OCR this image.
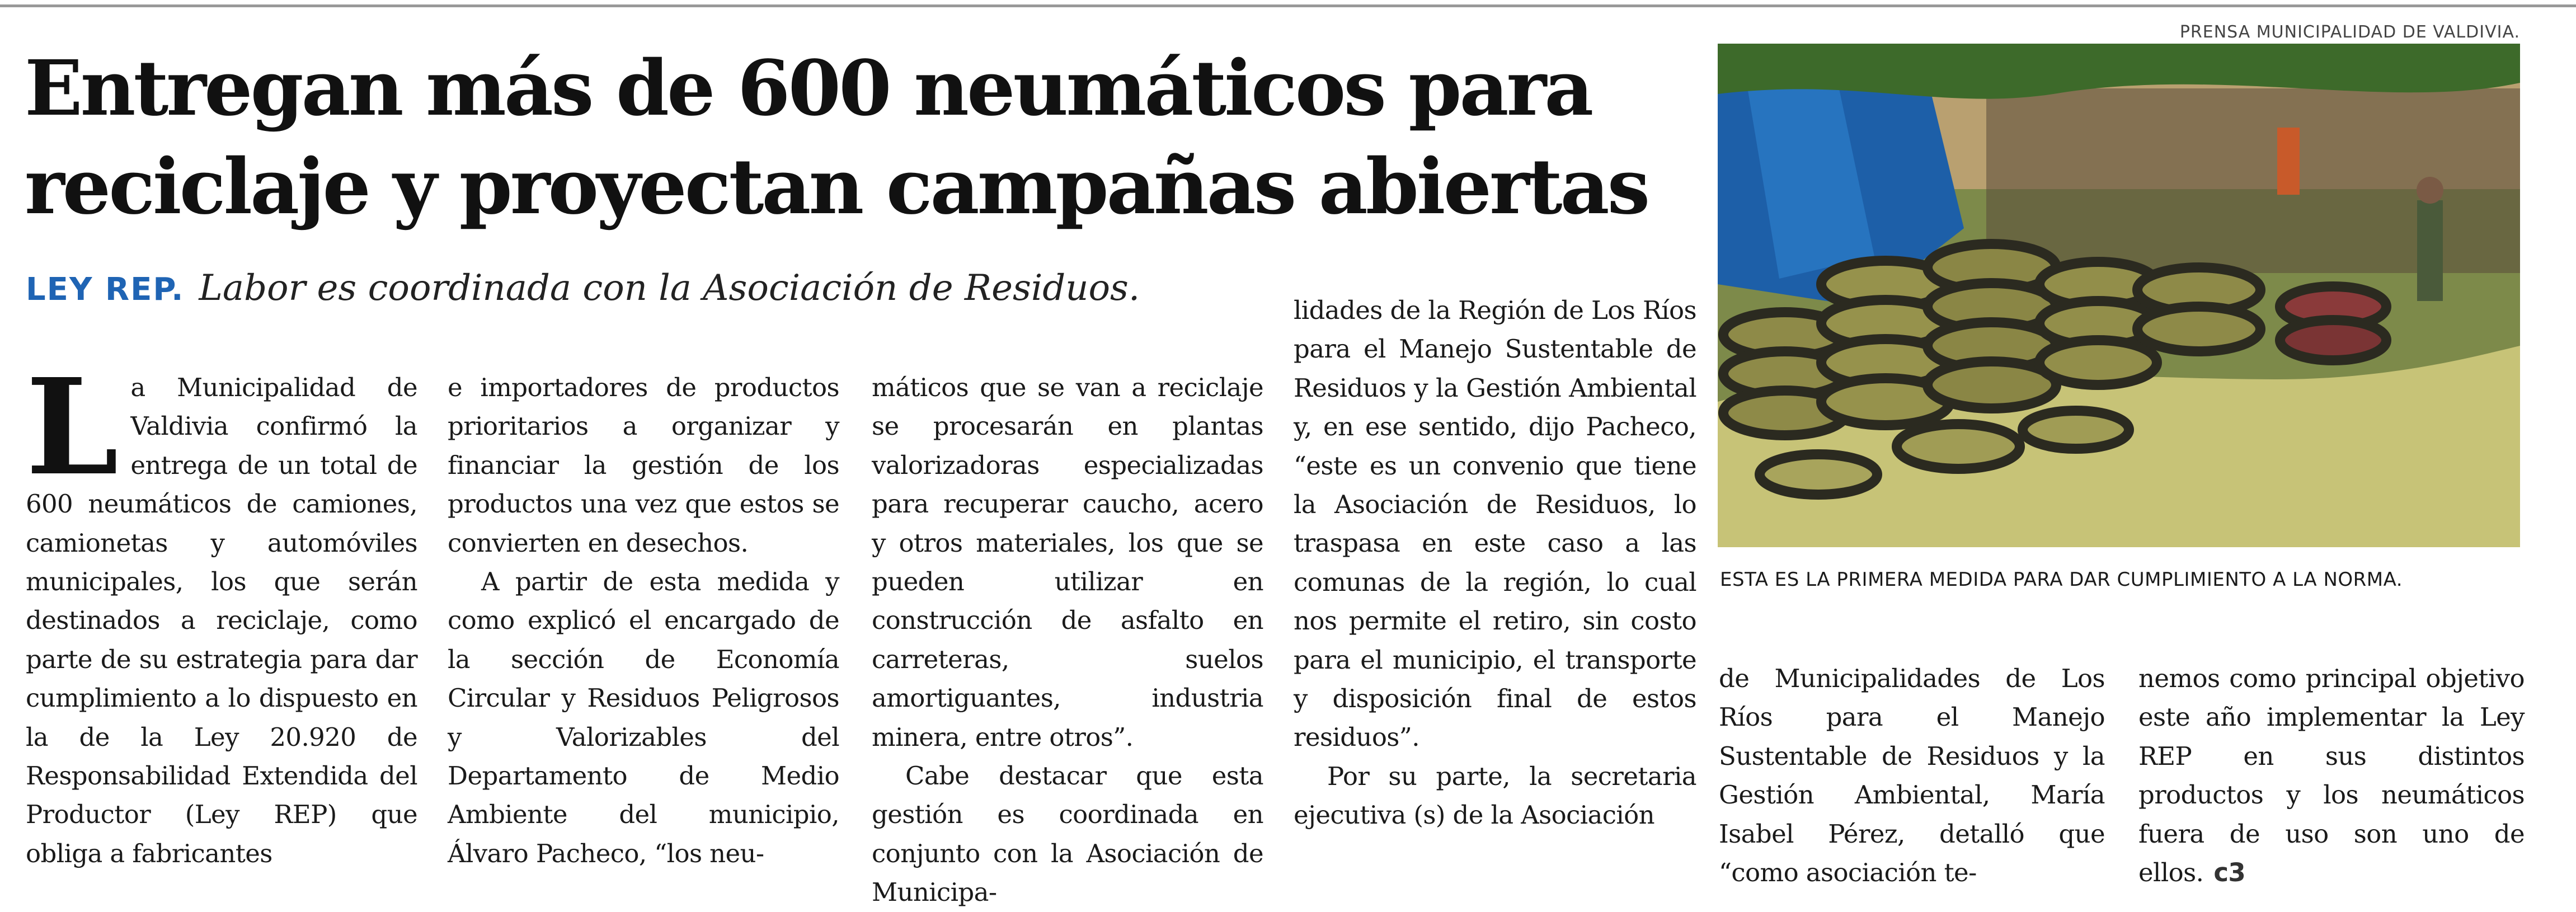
Entregan más de 600 neumáticos para reciclaje y proyectan campañas abiertas
LEY REP. Labor es coordinada con la Asociación de Residuos.
L a Municipalidad de Valdivia confirmó la entrega de un total de 600 neumáticos de camiones, camionetas y automóviles municipales, los que serán destinados a reciclaje, como parte de su estrategia para dar cumplimiento a lo dispuesto en la de la Ley 20.920 de Responsabilidad Extendida del Productor (Ley REP) que obliga a fabricantes

e importadores de productos prioritarios a organizar y financiar la gestión de los productos una vez que estos se convierten en desechos.

A partir de esta medida y como explicó el encargado de la sección de Economía Circular y Residuos Peligrosos y Valorizables del Departamento de Medio Ambiente del municipio, Álvaro Pacheco, “los neu-

máticos que se van a reciclaje se procesarán en plantas valorizadoras especializadas para recuperar caucho, acero y otros materiales, los que se pueden utilizar en construcción de asfalto en carreteras, suelos amortiguantes, industria minera, entre otros”.

Cabe destacar que esta gestión es coordinada en conjunto con la Asociación de Municipa-

lidades de la Región de Los Ríos para el Manejo Sustentable de Residuos y la Gestión Ambiental y, en ese sentido, dijo Pacheco, “este es un convenio que tiene la Asociación de Residuos, lo traspasa en este caso a las comunas de la región, lo cual nos permite el retiro, sin costo para el municipio, el transporte y disposición final de estos residuos”.

Por su parte, la secretaria ejecutiva (s) de la Asociación

de Municipalidades de Los Ríos para el Manejo Sustentable de Residuos y la Gestión Ambiental, María Isabel Pérez, detalló que “como asociación te-

nemos como principal objetivo este año implementar la Ley REP en sus distintos productos y los neumáticos fuera de uso son uno de ellos. c3

PRENSA MUNICIPALIDAD DE VALDIVIA.
ESTA ES LA PRIMERA MEDIDA PARA DAR CUMPLIMIENTO A LA NORMA.
